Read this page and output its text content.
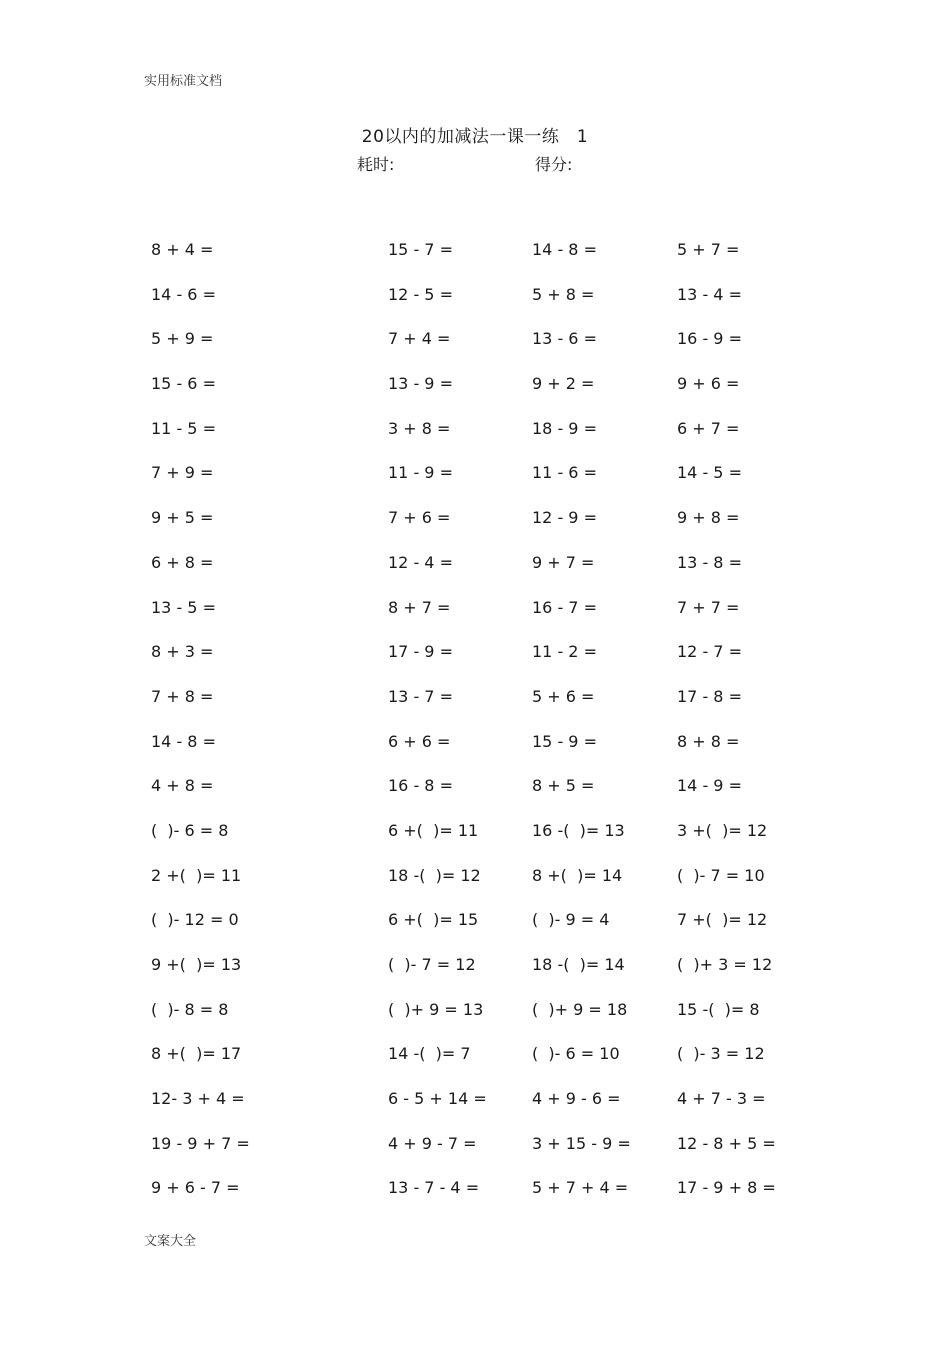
实用标准文档
20以内的加减法一课一练　1
耗时:	得分:
8 + 4 =	15 - 7 =	14 - 8 =	5 + 7 =
14 - 6 =	12 - 5 =	5 + 8 =	13 - 4 =
5 + 9 =	7 + 4 =	13 - 6 =	16 - 9 =
15 - 6 =	13 - 9 =	9 + 2 =	9 + 6 =
11 - 5 =	3 + 8 =	18 - 9 =	6 + 7 =
7 + 9 =	11 - 9 =	11 - 6 =	14 - 5 =
9 + 5 =	7 + 6 =	12 - 9 =	9 + 8 =
6 + 8 =	12 - 4 =	9 + 7 =	13 - 8 =
13 - 5 =	8 + 7 =	16 - 7 =	7 + 7 =
8 + 3 =	17 - 9 =	11 - 2 =	12 - 7 =
7 + 8 =	13 - 7 =	5 + 6 =	17 - 8 =
14 - 8 =	6 + 6 =	15 - 9 =	8 + 8 =
4 + 8 =	16 - 8 =	8 + 5 =	14 - 9 =
(  )- 6 = 8	6 +(  )= 11	16 -(  )= 13	3 +(  )= 12
2 +(  )= 11	18 -(  )= 12	8 +(  )= 14	(  )- 7 = 10
(  )- 12 = 0	6 +(  )= 15	(  )- 9 = 4	7 +(  )= 12
9 +(  )= 13	(  )- 7 = 12	18 -(  )= 14	(  )+ 3 = 12
(  )- 8 = 8	(  )+ 9 = 13	(  )+ 9 = 18	15 -(  )= 8
8 +(  )= 17	14 -(  )= 7	(  )- 6 = 10	(  )- 3 = 12
12- 3 + 4 =	6 - 5 + 14 =	4 + 9 - 6 =	4 + 7 - 3 =
19 - 9 + 7 =	4 + 9 - 7 =	3 + 15 - 9 =	12 - 8 + 5 =
9 + 6 - 7 =	13 - 7 - 4 =	5 + 7 + 4 =	17 - 9 + 8 =
文案大全
